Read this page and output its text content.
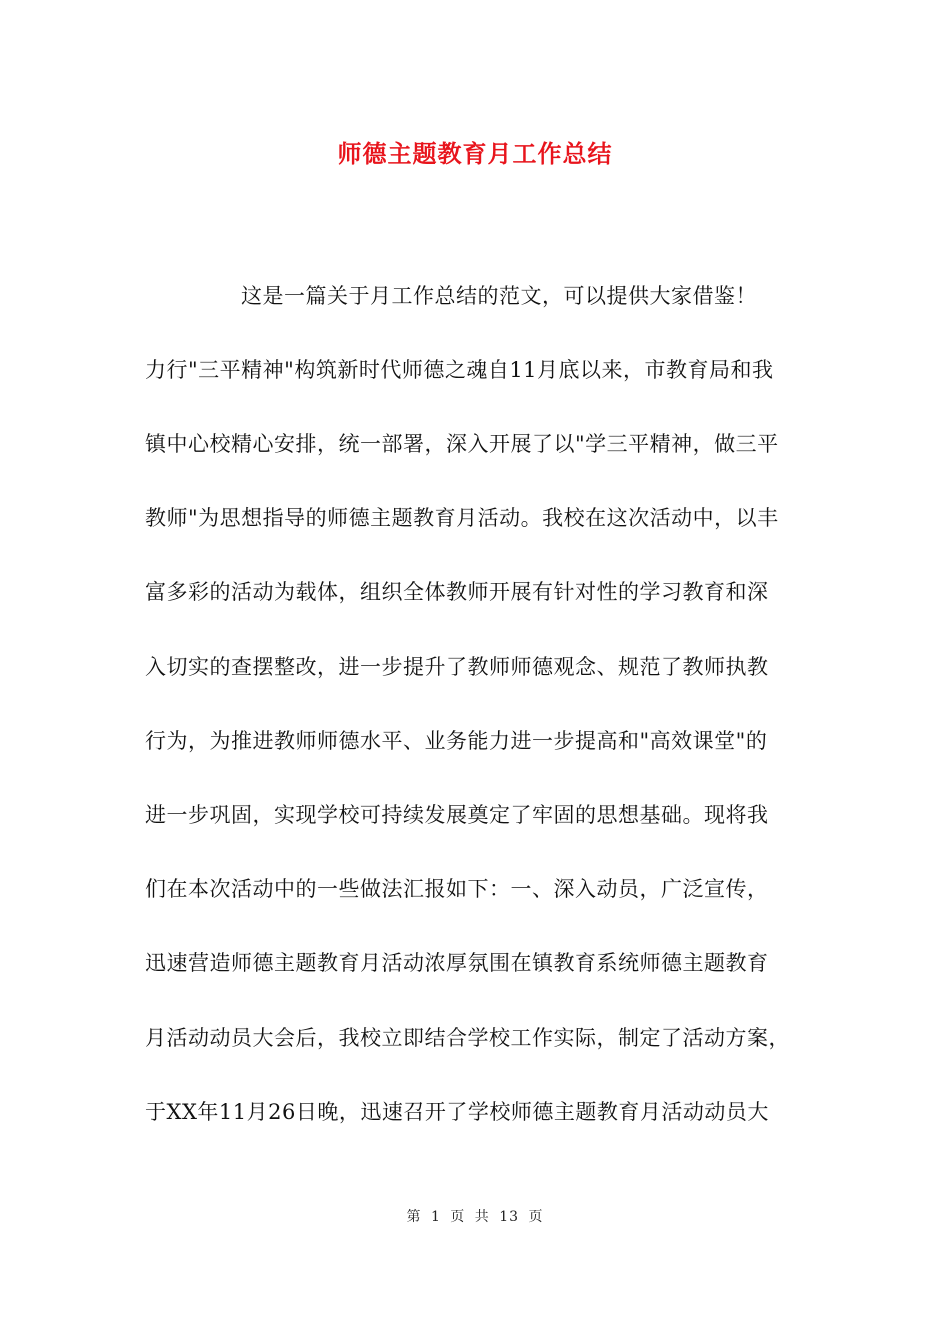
师德主题教育月工作总结
这是一篇关于月工作总结的范文，可以提供大家借鉴！
力行"三平精神"构筑新时代师德之魂自11月底以来，市教育局和我
镇中心校精心安排，统一部署，深入开展了以"学三平精神，做三平
教师"为思想指导的师德主题教育月活动。我校在这次活动中，以丰
富多彩的活动为载体，组织全体教师开展有针对性的学习教育和深
入切实的查摆整改，进一步提升了教师师德观念、规范了教师执教
行为，为推进教师师德水平、业务能力进一步提高和"高效课堂"的
进一步巩固，实现学校可持续发展奠定了牢固的思想基础。现将我
们在本次活动中的一些做法汇报如下：一、深入动员，广泛宣传，
迅速营造师德主题教育月活动浓厚氛围在镇教育系统师德主题教育
月活动动员大会后，我校立即结合学校工作实际，制定了活动方案，
于XX年11月26日晚，迅速召开了学校师德主题教育月活动动员大
第 1 页 共 13 页
